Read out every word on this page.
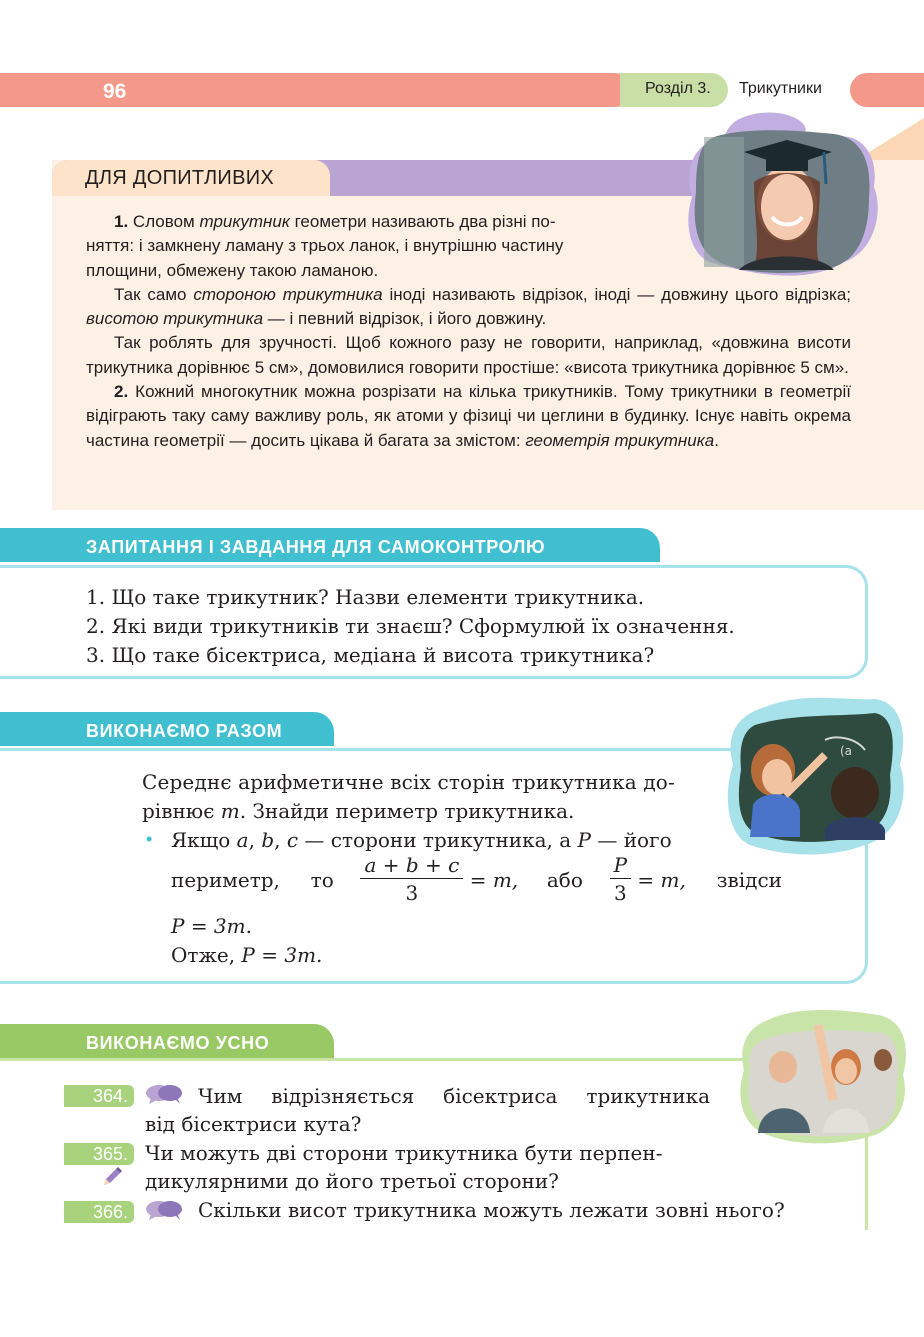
96	Розділ 3. Трикутники
ДЛЯ ДОПИТЛИВИХ

1. Словом трикутник геометри називають два різні по-

няття: і замкнену ламану з трьох ланок, і внутрішню частину

площини, обмежену такою ламаною.

Так само стороною трикутника іноді називають відрізок, іноді — довжину цього відрізка; висотою трикутника — і певний відрізок, і його довжину.

Так роблять для зручності. Щоб кожного разу не говорити, наприклад, «довжина висоти трикутника дорівнює 5 см», домовилися говорити простіше: «висота трикутника дорівнює 5 см».

2. Кожний многокутник можна розрізати на кілька трикутників. Тому трикутники в геометрії відіграють таку саму важливу роль, як атоми у фізиці чи цеглини в будинку. Існує навіть окрема частина геометрії — досить цікава й багата за змістом: геометрія трикутника.

ЗАПИТАННЯ І ЗАВДАННЯ ДЛЯ САМОКОНТРОЛЮ
1. Що таке трикутник? Назви елементи трикутника.
2. Які види трикутників ти знаєш? Сформулюй їх означення.
3. Що таке бісектриса, медіана й висота трикутника?
ВИКОНАЄМО РАЗОМ
(a
Середнє арифметичне всіх сторін трикутника до-
рівнює m. Знайди периметр трикутника.
• Якщо a, b, c — сторони трикутника, а P — його
периметр, то $\frac{a + b + c}{3} = m$, або $\frac{P}{3} = m$, звідси
P = 3m.
Отже, P = 3m.
ВИКОНАЄМО УСНО
364.	Чим відрізняється бісектриса трикутника
від бісектриси кута?
365. Чи можуть дві сторони трикутника бути перпен-
дикулярними до його третьої сторони?
366.	Скільки висот трикутника можуть лежати зовні нього?
